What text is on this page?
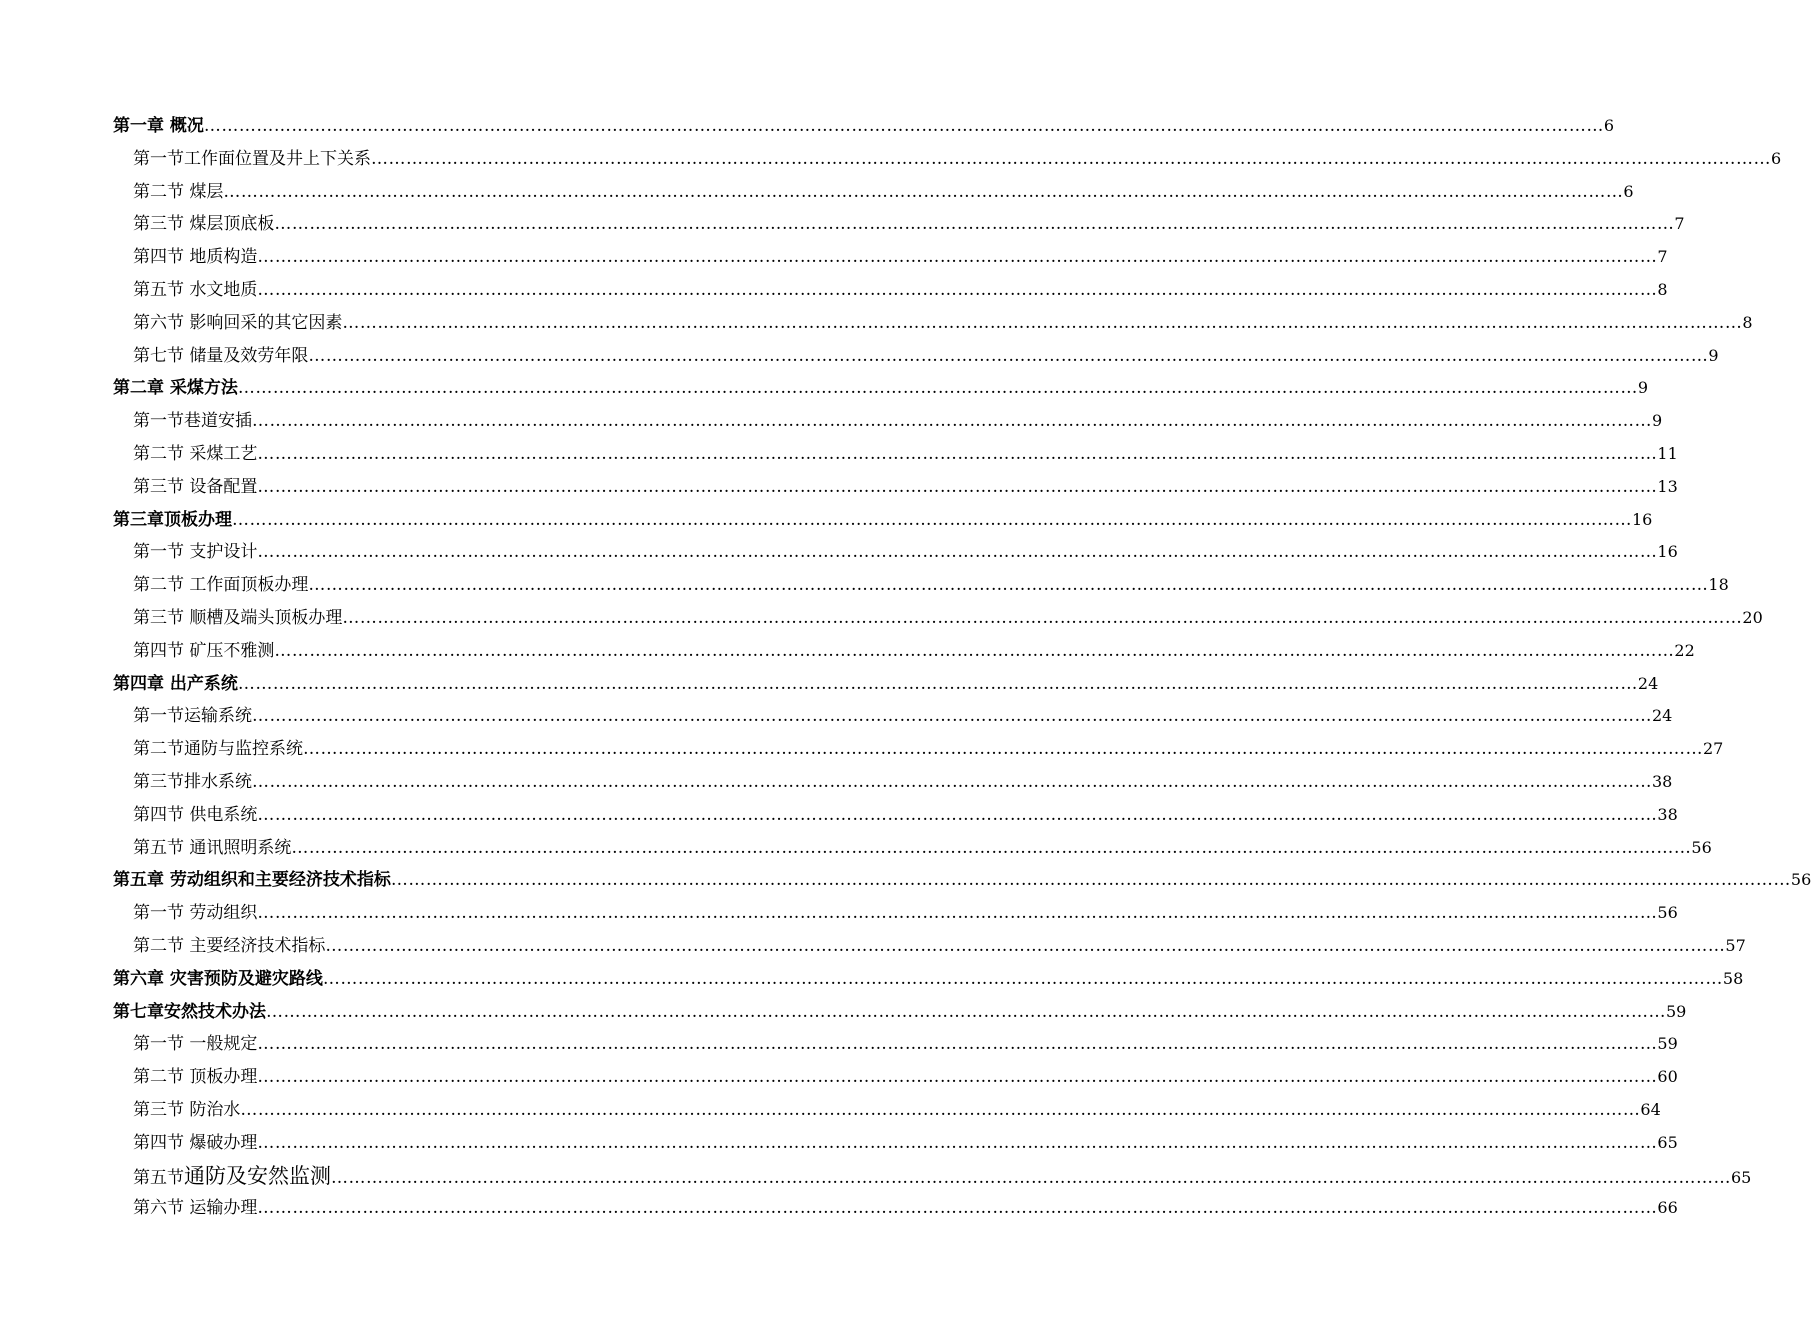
第一章 概况 …………………………………………………………………………………………………………………………………………………………………………………………………………………… 6
第一节工作面位置及井上下关系 …………………………………………………………………………………………………………………………………………………………………………………………………………………… 6
第二节 煤层 …………………………………………………………………………………………………………………………………………………………………………………………………………………… 6
第三节 煤层顶底板 …………………………………………………………………………………………………………………………………………………………………………………………………………………… 7
第四节 地质构造 …………………………………………………………………………………………………………………………………………………………………………………………………………………… 7
第五节 水文地质 …………………………………………………………………………………………………………………………………………………………………………………………………………………… 8
第六节 影响回采的其它因素 …………………………………………………………………………………………………………………………………………………………………………………………………………………… 8
第七节 储量及效劳年限 …………………………………………………………………………………………………………………………………………………………………………………………………………………… 9
第二章 采煤方法 …………………………………………………………………………………………………………………………………………………………………………………………………………………… 9
第一节巷道安插 …………………………………………………………………………………………………………………………………………………………………………………………………………………… 9
第二节 采煤工艺 …………………………………………………………………………………………………………………………………………………………………………………………………………………… 11
第三节 设备配置 …………………………………………………………………………………………………………………………………………………………………………………………………………………… 13
第三章顶板办理 …………………………………………………………………………………………………………………………………………………………………………………………………………………… 16
第一节 支护设计 …………………………………………………………………………………………………………………………………………………………………………………………………………………… 16
第二节 工作面顶板办理 …………………………………………………………………………………………………………………………………………………………………………………………………………………… 18
第三节 顺槽及端头顶板办理 …………………………………………………………………………………………………………………………………………………………………………………………………………………… 20
第四节 矿压不雅测 …………………………………………………………………………………………………………………………………………………………………………………………………………………… 22
第四章 出产系统 …………………………………………………………………………………………………………………………………………………………………………………………………………………… 24
第一节运输系统 …………………………………………………………………………………………………………………………………………………………………………………………………………………… 24
第二节通防与监控系统 …………………………………………………………………………………………………………………………………………………………………………………………………………………… 27
第三节排水系统 …………………………………………………………………………………………………………………………………………………………………………………………………………………… 38
第四节 供电系统 …………………………………………………………………………………………………………………………………………………………………………………………………………………… 38
第五节 通讯照明系统 …………………………………………………………………………………………………………………………………………………………………………………………………………………… 56
第五章 劳动组织和主要经济技术指标 …………………………………………………………………………………………………………………………………………………………………………………………………………………… 56
第一节 劳动组织 …………………………………………………………………………………………………………………………………………………………………………………………………………………… 56
第二节 主要经济技术指标 …………………………………………………………………………………………………………………………………………………………………………………………………………………… 57
第六章 灾害预防及避灾路线 …………………………………………………………………………………………………………………………………………………………………………………………………………………… 58
第七章安然技术办法 …………………………………………………………………………………………………………………………………………………………………………………………………………………… 59
第一节 一般规定 …………………………………………………………………………………………………………………………………………………………………………………………………………………… 59
第二节 顶板办理 …………………………………………………………………………………………………………………………………………………………………………………………………………………… 60
第三节 防治水 …………………………………………………………………………………………………………………………………………………………………………………………………………………… 64
第四节 爆破办理 …………………………………………………………………………………………………………………………………………………………………………………………………………………… 65
第五节 通防及安然监测 …………………………………………………………………………………………………………………………………………………………………………………………………………………… 65
第六节 运输办理 …………………………………………………………………………………………………………………………………………………………………………………………………………………… 66
